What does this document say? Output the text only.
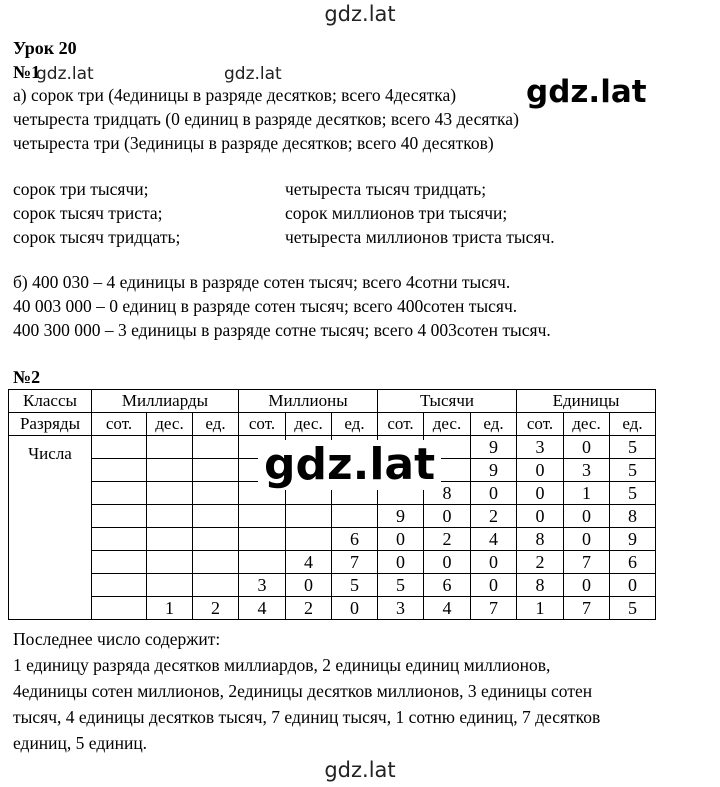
gdz.lat
Урок 20
№1
gdz.lat	gdz.lat
а) сорок три (4единицы в разряде десятков; всего 4десятка)
четыреста тридцать (0 единиц в разряде десятков; всего 43 десятка)
четыреста три (3единицы в разряде десятков; всего 40 десятков)
gdz.lat
сорок три тысячи;	четыреста тысяч тридцать;
сорок тысяч триста;	сорок миллионов три тысячи;
сорок тысяч тридцать;	четыреста миллионов триста тысяч.
б) 400 030 – 4 единицы в разряде сотен тысяч; всего 4сотни тысяч.
40 003 000 – 0 единиц в разряде сотен тысяч; всего 400сотен тысяч.
400 300 000 – 3 единицы в разряде сотне тысяч; всего 4 003сотен тысяч.
№2
Классы	Миллиарды			Миллионы			Тысячи			Единицы		
Разряды	сот.	дес.	ед.	сот.	дес.	ед.	сот.	дес.	ед.	сот.	дес.	ед.
Числа									9	3	0	5
									9	0	3	5
								8	0	0	1	5
							9	0	2	0	0	8
						6	0	2	4	8	0	9
					4	7	0	0	0	2	7	6
				3	0	5	5	6	0	8	0	0
		1	2	4	2	0	3	4	7	1	7	5
gdz.lat
Последнее число содержит:
1 единицу разряда десятков миллиардов, 2 единицы единиц миллионов,
4единицы сотен миллионов, 2единицы десятков миллионов, 3 единицы сотен
тысяч, 4 единицы десятков тысяч, 7 единиц тысяч, 1 сотню единиц, 7 десятков
единиц, 5 единиц.
gdz.lat
